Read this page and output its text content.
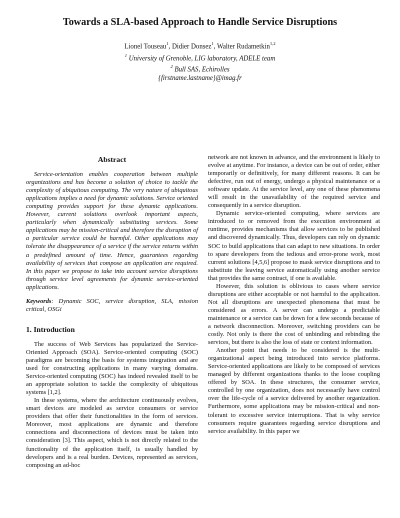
Towards a SLA-based Approach to Handle Service Disruptions
Lionel Touseau$^1$, Didier Donsez$^1$, Walter Rudametkin$^{1,2}$
$^1$ University of Grenoble, LIG laboratory, ADELE team
$^2$ Bull SAS, Echirolles
{firstname.lastname}@imag.fr
Abstract

Service-orientation enables cooperation between multiple organizations and has become a solution of choice to tackle the complexity of ubiquitous computing. The very nature of ubiquitous applications implies a need for dynamic solutions. Service oriented computing provides support for these dynamic applications. However, current solutions overlook important aspects, particularly when dynamically substituting services. Some applications may be mission-critical and therefore the disruption of a particular service could be harmful. Other applications may tolerate the disappearance of a service if the service returns within a predefined amount of time. Hence, guarantees regarding availability of services that compose an application are required. In this paper we propose to take into account service disruptions through service level agreements for dynamic service-oriented applications.

Keywords: Dynamic SOC, service disruption, SLA, mission critical, OSGi

1. Introduction

The success of Web Services has popularized the Service-Oriented Approach (SOA). Service-oriented computing (SOC) paradigms are becoming the basis for systems integration and are used for constructing applications in many varying domains. Service-oriented computing (SOC) has indeed revealed itself to be an appropriate solution to tackle the complexity of ubiquitous systems [1,2].

In these systems, where the architecture continuously evolves, smart devices are modeled as service consumers or service providers that offer their functionalities in the form of services. Moreover, most applications are dynamic and therefore connections and disconnections of devices must be taken into consideration [3]. This aspect, which is not directly related to the functionality of the application itself, is usually handled by developers and is a real burden. Devices, represented as services, composing an ad-hoc

network are not known in advance, and the environment is likely to evolve at anytime. For instance, a device can be out of order, either temporarily or definitively, for many different reasons. It can be defective, run out of energy, undergo a physical maintenance or a software update. At the service level, any one of these phenomena will result in the unavailability of the required service and consequently in a service disruption.

Dynamic service-oriented computing, where services are introduced to or removed from the execution environment at runtime, provides mechanisms that allow services to be published and discovered dynamically. Thus, developers can rely on dynamic SOC to build applications that can adapt to new situations. In order to spare developers from the tedious and error-prone work, most current solutions [4,5,6] propose to mask service disruptions and to substitute the leaving service automatically using another service that provides the same contract, if one is available.

However, this solution is oblivious to cases where service disruptions are either acceptable or not harmful to the application. Not all disruptions are unexpected phenomena that must be considered as errors. A server can undergo a predictable maintenance or a service can be down for a few seconds because of a network disconnection. Moreover, switching providers can be costly. Not only is there the cost of unbinding and rebinding the services, but there is also the loss of state or context information.

Another point that needs to be considered is the multi-organizational aspect being introduced into service platforms. Service-oriented applications are likely to be composed of services managed by different organizations thanks to the loose coupling offered by SOA. In these structures, the consumer service, controlled by one organization, does not necessarily have control over the life-cycle of a service delivered by another organization. Furthermore, some applications may be mission-critical and non-tolerant to excessive service interruptions. That is why service consumers require guarantees regarding service disruptions and service availability. In this paper we
